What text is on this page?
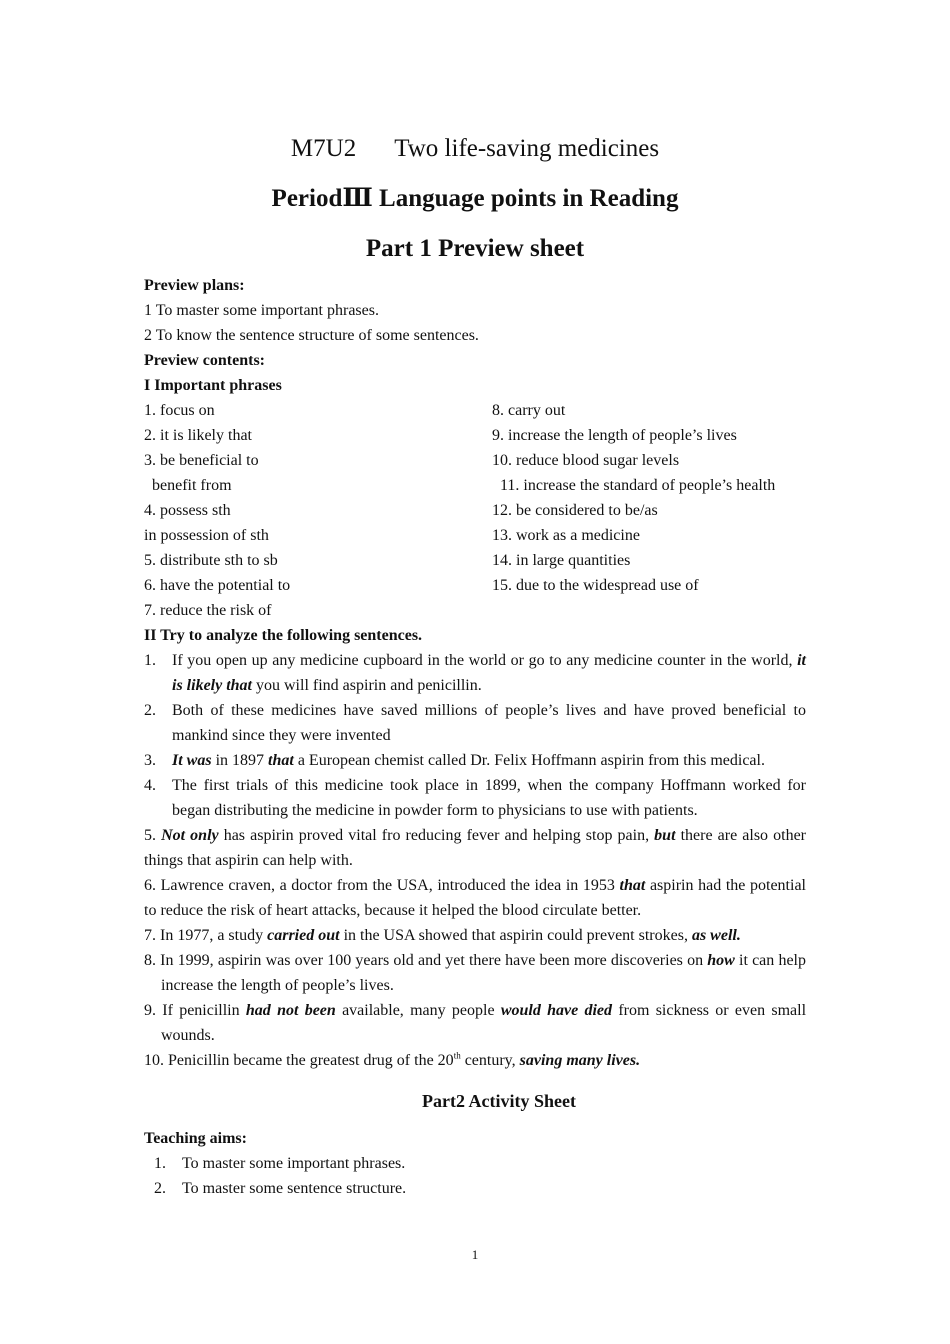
M7U2 Two life-saving medicines
PeriodⅢ Language points in Reading
Part 1 Preview sheet
Preview plans:
1 To master some important phrases.
2 To know the sentence structure of some sentences.
Preview contents:
I Important phrases
1. focus on	8. carry out
2. it is likely that	9. increase the length of people’s lives
3. be beneficial to	10. reduce blood sugar levels
benefit from	11. increase the standard of people’s health
4. possess sth	12. be considered to be/as
in possession of sth	13. work as a medicine
5. distribute sth to sb	14. in large quantities
6. have the potential to	15. due to the widespread use of
7. reduce the risk of
II Try to analyze the following sentences.
1.	If you open up any medicine cupboard in the world or go to any medicine counter in the world, it is likely that you will find aspirin and penicillin.
2.	Both of these medicines have saved millions of people’s lives and have proved beneficial to mankind since they were invented
3.	It was in 1897 that a European chemist called Dr. Felix Hoffmann aspirin from this medical.
4.	The first trials of this medicine took place in 1899, when the company Hoffmann worked for began distributing the medicine in powder form to physicians to use with patients.
5. Not only has aspirin proved vital fro reducing fever and helping stop pain, but there are also other things that aspirin can help with.
6. Lawrence craven, a doctor from the USA, introduced the idea in 1953 that aspirin had the potential to reduce the risk of heart attacks, because it helped the blood circulate better.
7. In 1977, a study carried out in the USA showed that aspirin could prevent strokes, as well.
8. In 1999, aspirin was over 100 years old and yet there have been more discoveries on how it can help increase the length of people’s lives.
9. If penicillin had not been available, many people would have died from sickness or even small wounds.
10. Penicillin became the greatest drug of the 20th century, saving many lives.
Part2 Activity Sheet
Teaching aims:
1.	To master some important phrases.
2.	To master some sentence structure.
1
